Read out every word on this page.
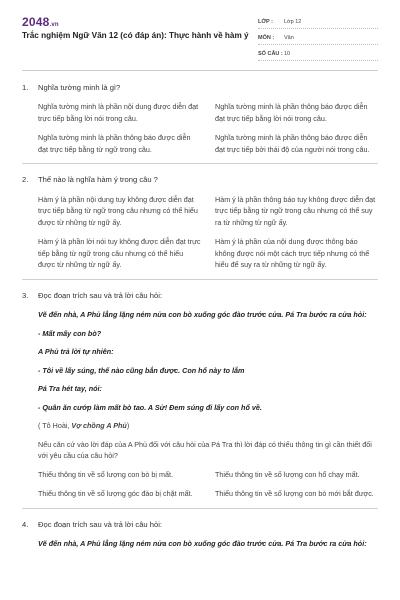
2048.vn
Trắc nghiệm Ngữ Văn 12 (có đáp án): Thực hành về hàm ý
LỚP :	Lớp 12
MÔN :	Văn
SỐ CÂU : 10
1.	Nghĩa tường minh là gì?
Nghĩa tường minh là phần nội dung được diễn đạt trực tiếp bằng lời nói trong câu.
Nghĩa tường minh là phần thông báo được diễn đạt trực tiếp bằng lời nói trong câu.
Nghĩa tường minh là phần thông báo được diễn đạt trực tiếp bằng từ ngữ trong câu.
Nghĩa tường minh là phần thông báo được diễn đạt trực tiếp bởi thái độ của người nói trong câu.
2.	Thế nào là nghĩa hàm ý trong câu ?
Hàm ý là phần nội dung tuy không được diễn đạt trực tiếp bằng từ ngữ trong câu nhưng có thể hiểu được từ những từ ngữ ấy.
Hàm ý là phần thông báo tuy không được diễn đạt trực tiếp bằng từ ngữ trong câu nhưng có thể suy ra từ những từ ngữ ấy.
Hàm ý là phần lời nói tuy không được diễn đạt trực tiếp bằng từ ngữ trong câu nhưng có thể hiểu được từ những từ ngữ ấy.
Hàm ý là phần của nội dung được thông báo không được nói một cách trực tiếp nhưng có thể hiểu để suy ra từ những từ ngữ ấy.
3.	Đọc đoạn trích sau và trả lời câu hỏi:
Vẽ đến nhà, A Phủ lẳng lặng ném nửa con bò xuống góc đào trước cửa. Pá Tra bước ra cửa hỏi:
- Mất mấy con bò?
A Phủ trả lời tự nhiên:
- Tôi về lấy súng, thế nào cũng bắn được. Con hổ này to lắm
Pá Tra hét tay, nói:
- Quân ăn cướp làm mất bò tao. A Sử! Đem súng đi lấy con hổ về.
( Tô Hoài, Vợ chồng A Phủ)
Nếu căn cứ vào lời đáp của A Phủ đối với câu hỏi của Pá Tra thì lời đáp có thiếu thông tin gì cần thiết đối với yêu cầu của câu hỏi?
Thiếu thông tin về số lượng con bò bị mất.	Thiếu thông tin về số lượng con hổ chạy mất.
Thiếu thông tin về số lượng góc đào bị chặt mất.	Thiếu thông tin về số lượng con bò mới bắt được.
4.	Đọc đoạn trích sau và trả lời câu hỏi:
Vẽ đến nhà, A Phủ lẳng lặng ném nửa con bò xuống góc đào trước cửa. Pá Tra bước ra cửa hỏi:
